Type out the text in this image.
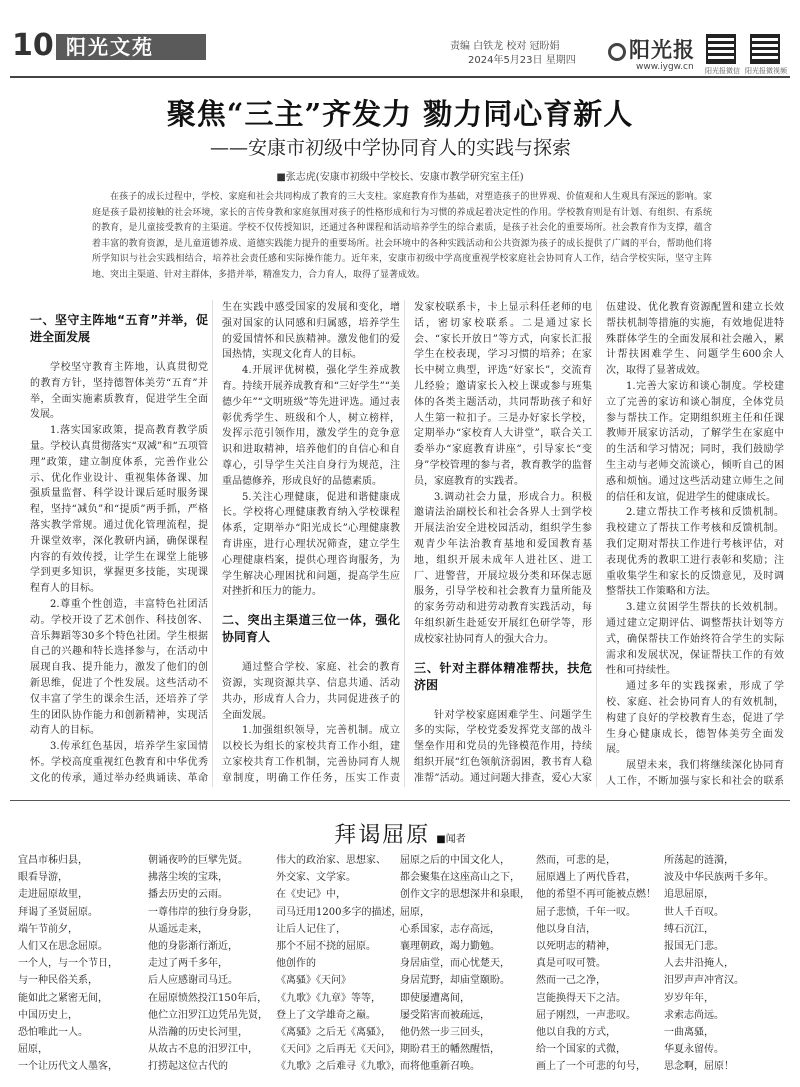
10 阳光文苑	责编 白铁龙 校对 冠盼娟
2024年5月23日 星期四	阳光报
www.iygw.cn 阳光报微信 阳光报微视频
聚焦“三主”齐发力 勠力同心育新人
——安康市初级中学协同育人的实践与探索
■张志虎(安康市初级中学校长、安康市教学研究室主任)
在孩子的成长过程中，学校、家庭和社会共同构成了教育的三大支柱。家庭教育作为基础，对塑造孩子的世界观、价值观和人生观具有深远的影响。家庭是孩子最初接触的社会环境，家长的言传身教和家庭氛围对孩子的性格形成和行为习惯的养成起着决定性的作用。学校教育则是有计划、有组织、有系统的教育，是儿童接受教育的主渠道。学校不仅传授知识，还通过各种课程和活动培养学生的综合素质，是孩子社会化的重要场所。社会教育作为支撑，蕴含着丰富的教育资源，是儿童道德养成、道德实践能力提升的重要场所。社会环境中的各种实践活动和公共资源为孩子的成长提供了广阔的平台，帮助他们将所学知识与社会实践相结合，培养社会责任感和实际操作能力。近年来，安康市初级中学高度重视学校家庭社会协同育人工作，结合学校实际，坚守主阵地、突出主渠道、针对主群体，多措并举，精准发力，合力育人，取得了显著成效。
一、坚守主阵地“五育”并举，促进全面发展

学校坚守教育主阵地，认真贯彻党的教育方针，坚持德智体美劳“五育”并举，全面实施素质教育，促进学生全面发展。

1.落实国家政策，提高教育教学质量。学校认真贯彻落实“双减”和“五项管理”政策，建立制度体系，完善作业公示、优化作业设计、重视集体备课、加强质量监督、科学设计课后延时服务课程，坚持“减负”和“提质”两手抓，严格落实教学常规。通过优化管理流程，提升课堂效率，深化教研内涵，确保课程内容的有效传授，让学生在课堂上能够学到更多知识，掌握更多技能，实现课程育人的目标。

2.尊重个性创造，丰富特色社团活动。学校开设了艺术创作、科技创客、音乐舞蹈等30多个特色社团。学生根据自己的兴趣和特长选择参与，在活动中展现自我、提升能力，激发了他们的创新思维，促进了个性发展。这些活动不仅丰富了学生的课余生活，还培养了学生的团队协作能力和创新精神，实现活动育人的目标。

3.传承红色基因，培养学生家国情怀。学校高度重视红色教育和中华优秀文化的传承，通过举办经典诵读、革命

生在实践中感受国家的发展和变化，增强对国家的认同感和归属感，培养学生的爱国情怀和民族精神。激发他们的爱国热情，实现文化育人的目标。

4.开展评优树模，强化学生养成教育。持续开展养成教育和“三好学生”“美德少年”“文明班级”等先进评选。通过表彰优秀学生、班级和个人，树立榜样，发挥示范引领作用，激发学生的竞争意识和进取精神，培养他们的自信心和自尊心，引导学生关注自身行为规范，注重品德修养，形成良好的品德素质。

5.关注心理健康，促进和谐健康成长。学校将心理健康教育纳入学校课程体系，定期举办“阳光成长”心理健康教育讲座，进行心理状况筛查，建立学生心理健康档案，提供心理咨询服务，为学生解决心理困扰和问题，提高学生应对挫折和压力的能力。

二、突出主渠道三位一体，强化协同育人

通过整合学校、家庭、社会的教育资源，实现资源共享、信息共通、活动共办，形成育人合力，共同促进孩子的全面发展。

1.加强组织领导，完善机制。成立以校长为组长的家校共育工作小组，建立家校共育工作机制，完善协同育人规章制度，明确工作任务，压实工作责

发家校联系卡，卡上显示科任老师的电话，密切家校联系。二是通过家长会、“家长开放日”等方式，向家长汇报学生在校表现，学习习惯的培养；在家长中树立典型，评选“好家长”，交流育儿经验；邀请家长入校上课或参与班集体的各类主题活动，共同帮助孩子和好人生第一粒扣子。三是办好家长学校，定期举办“家校育人大讲堂”，联合关工委举办“家庭教育讲座”，引导家长“变身”学校管理的参与者，教育教学的监督员，家庭教育的实践者。

3.调动社会力量，形成合力。积极邀请法治副校长和社会各界人士到学校开展法治安全进校园活动，组织学生参观青少年法治教育基地和爱国教育基地，组织开展未成年人进社区、进工厂、进警营，开展垃圾分类和环保志愿服务，引导学校和社会教育力量所能及的家务劳动和进劳动教育实践活动，每年组织新生赴延安开展红色研学等，形成校家社协同育人的强大合力。

三、针对主群体精准帮扶，扶危济困

针对学校家庭困难学生、问题学生多的实际，学校党委发挥党支部的战斗堡垒作用和党员的先锋模范作用，持续组织开展“红色领航济弱困，教书育人稳准帮”活动。通过问题大排查，爱心大家

伍建设、优化教育资源配置和建立长效帮扶机制等措施的实施，有效地促进特殊群体学生的全面发展和社会融入，累计帮扶困难学生、问题学生600余人次，取得了显著成效。

1.完善大家访和谈心制度。学校建立了完善的家访和谈心制度，全体党员参与帮扶工作。定期组织班主任和任课教师开展家访活动，了解学生在家庭中的生活和学习情况；同时，我们鼓励学生主动与老师交流谈心，倾听自己的困惑和烦恼。通过这些活动建立师生之间的信任和友谊，促进学生的健康成长。

2.建立帮扶工作考核和反馈机制。我校建立了帮扶工作考核和反馈机制。我们定期对帮扶工作进行考核评估，对表现优秀的教职工进行表彰和奖励；注重收集学生和家长的反馈意见，及时调整帮扶工作策略和方法。

3.建立贫困学生帮扶的长效机制。通过建立定期评估、调整帮扶计划等方式，确保帮扶工作始终符合学生的实际需求和发展状况，保证帮扶工作的有效性和可持续性。

通过多年的实践探索，形成了学校、家庭、社会协同育人的有效机制，构建了良好的学校教育生态，促进了学生身心健康成长，德智体美劳全面发展。

展望未来，我们将继续深化协同育人工作，不断加强与家长和社会的联系

拜谒屈原 ■闻者
宜昌市秭归县，
眼看导游，
走进屈原故里，
拜谒了圣贤屈原。
端午节前夕，
人们又在思念屈原。
一个人，与一个节日，
与一种民俗关系，
能如此之紧密无间，
中国历史上，
恐怕唯此一人。
屈原，
一个让历代文人墨客，
朝诵夜吟的巨擘先贤。
拂落尘埃的宝珠，
播去历史的云雨。
一尊伟岸的独行身身影，
从遥远走来，
他的身影渐行渐近，
走过了两千多年，
后人应感谢司马迁。
在屈原愤然投江150年后，
他伫立汨罗江边凭吊先贤，
从浩瀚的历史长河里，
从故古不息的汨罗江中，
打捞起这位古代的
伟大的政治家、思想家、
外交家、文学家。
在《史记》中，
司马迁用1200多字的描述，
让后人记住了，
那个不屈不挠的屈原。
他创作的
《离骚》《天问》
《九歌》《九章》等等，
登上了文学雄奇之巅。
《离骚》之后无《离骚》，
《天问》之后再无《天问》，
《九歌》之后难寻《九歌》，
屈原之后的中国文化人，
都会聚集在这座高山之下，
创作文字的思想深井和泉眼，
屈原，
心系国家，志存高远，
襄理朝政，竭力勤勉。
身居庙堂，而心忧楚天，
身居荒野，却庙堂颐盼。
即使屡遭离间，
屡受陷害而被疏远，
他仍然一步三回头，
期盼君王的幡然醒悟，
而将他重新召唤。
然而，可悲的是，
屈原遇上了两代昏君，
他的希望不再可能被点燃！
屈子悲愤，千年一叹。
他以身自洁，
以死明志的精神，
真是可叹可赞。
然而一己之净，
岂能换得天下之洁。
屈子刚烈，一声悲叹。
他以自我的方式，
给一个国家的式微，
画上了一个可悲的句号，
所荡起的涟漪，
波及中华民族两千多年。
追思屈原，
世人千百叹。
缚石沉江，
报国无门悲。
人去井沿掩人，
汨罗声声冲宵汉。
岁岁年年，
求索志尚远。
一曲离骚，
华夏永留传。
思念啊，屈原！
